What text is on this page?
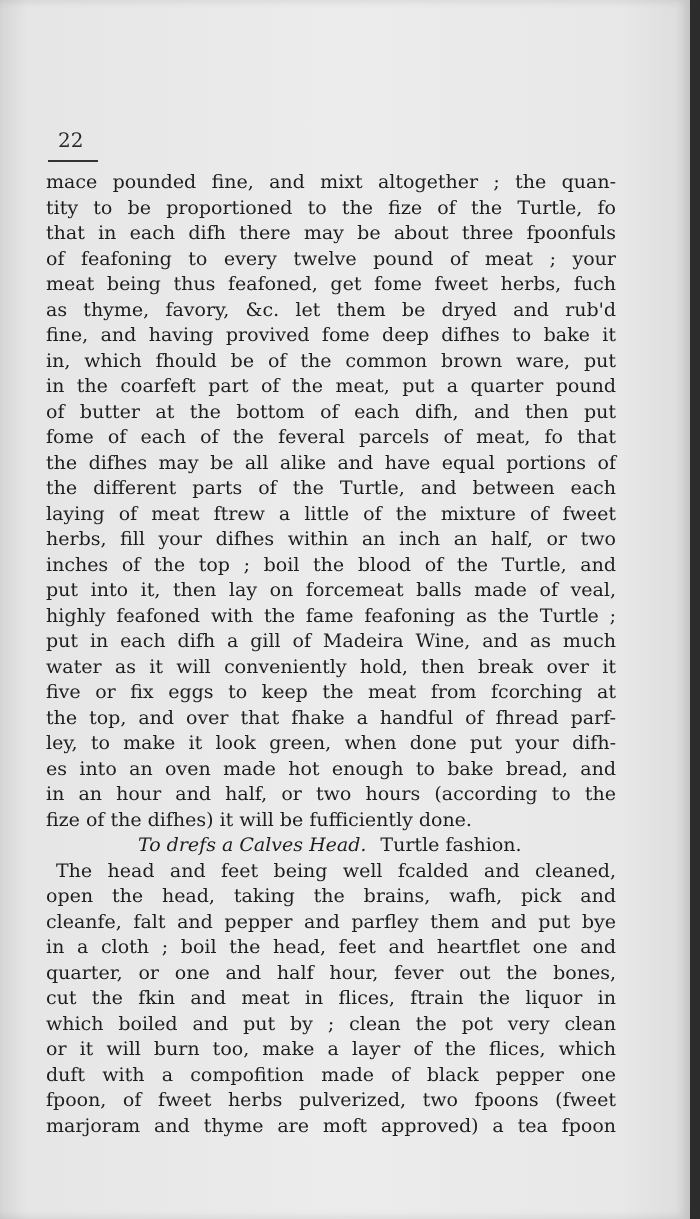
22

mace pounded fine, and mixt altogether ; the quan-
tity to be proportioned to the fize of the Turtle, fo
that in each difh there may be about three fpoonfuls
of feafoning to every twelve pound of meat ; your
meat being thus feafoned, get fome fweet herbs, fuch
as thyme, favory, &c. let them be dryed and rub'd
fine, and having provived fome deep difhes to bake it
in, which fhould be of the common brown ware, put
in the coarfeft part of the meat, put a quarter pound
of butter at the bottom of each difh, and then put
fome of each of the feveral parcels of meat, fo that
the difhes may be all alike and have equal portions of
the different parts of the Turtle, and between each
laying of meat ftrew a little of the mixture of fweet
herbs, fill your difhes within an inch an half, or two
inches of the top ; boil the blood of the Turtle, and
put into it, then lay on forcemeat balls made of veal,
highly feafoned with the fame feafoning as the Turtle ;
put in each difh a gill of Madeira Wine, and as much
water as it will conveniently hold, then break over it
five or fix eggs to keep the meat from fcorching at
the top, and over that fhake a handful of fhread parf-
ley, to make it look green, when done put your difh-
es into an oven made hot enough to bake bread, and
in an hour and half, or two hours (according to the
fize of the difhes) it will be fufficiently done.
To drefs a Calves Head. Turtle fashion.
The head and feet being well fcalded and cleaned,
open the head, taking the brains, wafh, pick and
cleanfe, falt and pepper and parfley them and put bye
in a cloth ; boil the head, feet and heartflet one and
quarter, or one and half hour, fever out the bones,
cut the fkin and meat in flices, ftrain the liquor in
which boiled and put by ; clean the pot very clean
or it will burn too, make a layer of the flices, which
duft with a compofition made of black pepper one
fpoon, of fweet herbs pulverized, two fpoons (fweet
marjoram and thyme are moft approved) a tea fpoon
